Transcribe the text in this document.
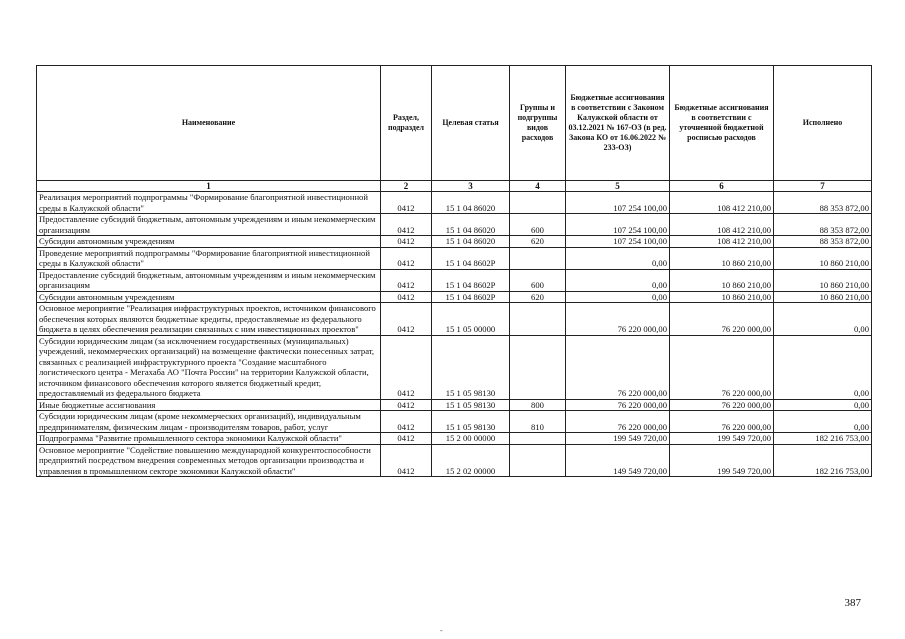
Наименование	Раздел, подраздел	Целевая статья	Группы и подгруппы видов расходов	Бюджетные ассигнования в соответствии с Законом Калужской области от 03.12.2021 № 167-ОЗ (в ред. Закона КО от 16.06.2022 № 233-ОЗ)	Бюджетные ассигнования в соответствии с уточненной бюджетной росписью расходов	Исполнено
1	2	3	4	5	6	7
Реализация мероприятий подпрограммы "Формирование благоприятной инвестиционной среды в Калужской области"	0412	15 1 04 86020		107 254 100,00	108 412 210,00	88 353 872,00
Предоставление субсидий бюджетным, автономным учреждениям и иным некоммерческим организациям	0412	15 1 04 86020	600	107 254 100,00	108 412 210,00	88 353 872,00
Субсидии автономным учреждениям	0412	15 1 04 86020	620	107 254 100,00	108 412 210,00	88 353 872,00
Проведение мероприятий подпрограммы "Формирование благоприятной инвестиционной среды в Калужской области"	0412	15 1 04 8602Р		0,00	10 860 210,00	10 860 210,00
Предоставление субсидий бюджетным, автономным учреждениям и иным некоммерческим организациям	0412	15 1 04 8602Р	600	0,00	10 860 210,00	10 860 210,00
Субсидии автономным учреждениям	0412	15 1 04 8602Р	620	0,00	10 860 210,00	10 860 210,00
Основное мероприятие "Реализация инфраструктурных проектов, источником финансового обеспечения которых являются бюджетные кредиты, предоставляемые из федерального бюджета в целях обеспечения реализации связанных с ним инвестиционных проектов"	0412	15 1 05 00000		76 220 000,00	76 220 000,00	0,00
Субсидии юридическим лицам (за исключением государственных (муниципальных) учреждений, некоммерческих организаций) на возмещение фактически понесенных затрат, связанных с реализацией инфраструктурного проекта "Создание масштабного логистического центра - Мегахаба АО "Почта России" на территории Калужской области, источником финансового обеспечения которого является бюджетный кредит, предоставляемый из федерального бюджета	0412	15 1 05 98130		76 220 000,00	76 220 000,00	0,00
Иные бюджетные ассигнования	0412	15 1 05 98130	800	76 220 000,00	76 220 000,00	0,00
Субсидии юридическим лицам (кроме некоммерческих организаций), индивидуальным предпринимателям, физическим лицам - производителям товаров, работ, услуг	0412	15 1 05 98130	810	76 220 000,00	76 220 000,00	0,00
Подпрограмма "Развитие промышленного сектора экономики Калужской области"	0412	15 2 00 00000		199 549 720,00	199 549 720,00	182 216 753,00
Основное мероприятие "Содействие повышению международной конкурентоспособности предприятий посредством внедрения современных методов организации производства и управления в промышленном секторе экономики Калужской области"	0412	15 2 02 00000		149 549 720,00	199 549 720,00	182 216 753,00
387
-
